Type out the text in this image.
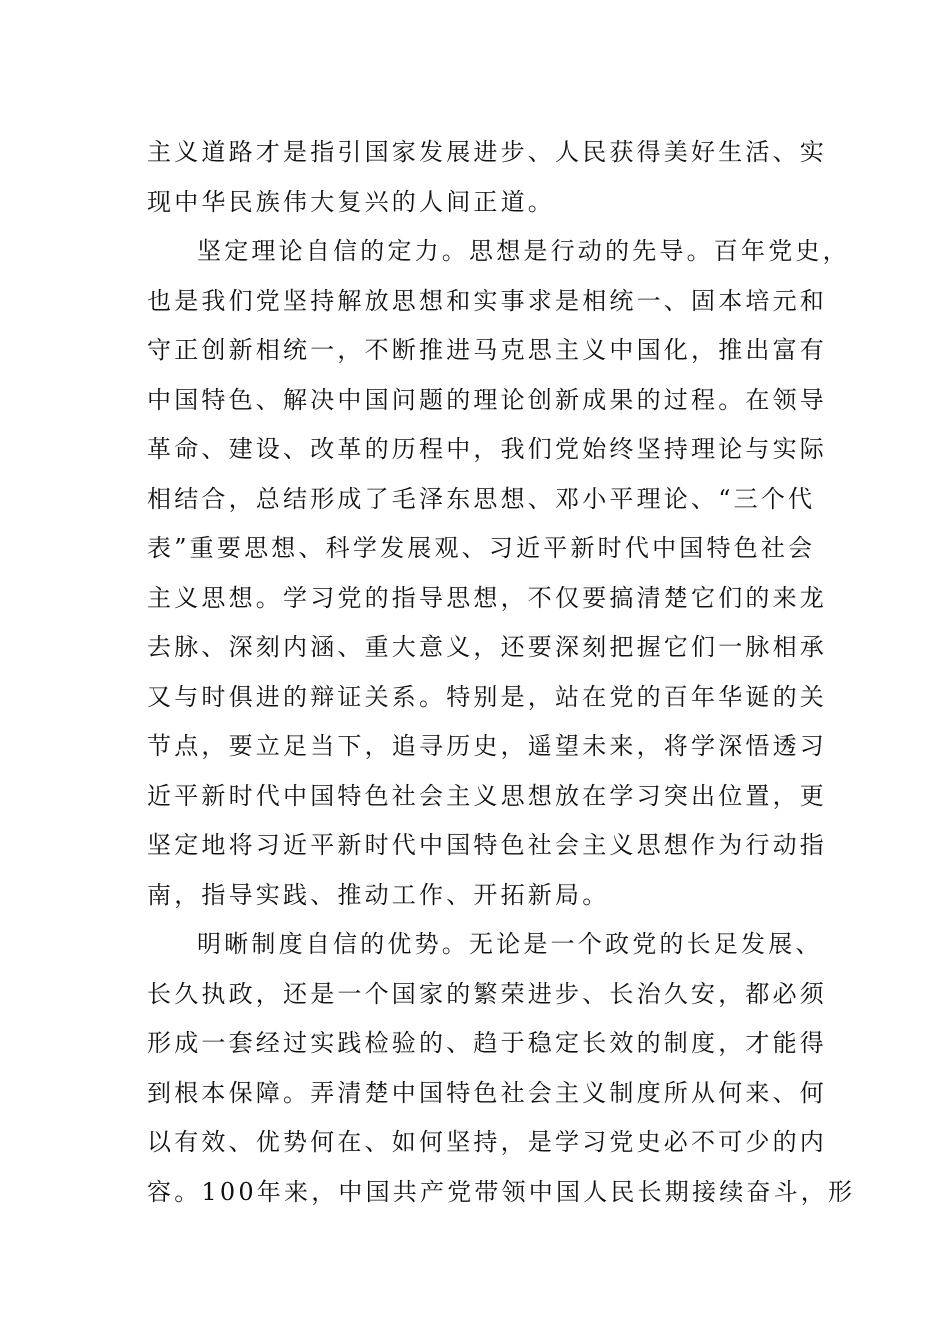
主义道路才是指引国家发展进步、人民获得美好生活、实
现中华民族伟大复兴的人间正道。
坚定理论自信的定力。思想是行动的先导。百年党史，
也是我们党坚持解放思想和实事求是相统一、固本培元和
守正创新相统一，不断推进马克思主义中国化，推出富有
中国特色、解决中国问题的理论创新成果的过程。在领导
革命、建设、改革的历程中，我们党始终坚持理论与实际
相结合，总结形成了毛泽东思想、邓小平理论、“三个代
表”重要思想、科学发展观、习近平新时代中国特色社会
主义思想。学习党的指导思想，不仅要搞清楚它们的来龙
去脉、深刻内涵、重大意义，还要深刻把握它们一脉相承
又与时俱进的辩证关系。特别是，站在党的百年华诞的关
节点，要立足当下，追寻历史，遥望未来，将学深悟透习
近平新时代中国特色社会主义思想放在学习突出位置，更
坚定地将习近平新时代中国特色社会主义思想作为行动指
南，指导实践、推动工作、开拓新局。
明晰制度自信的优势。无论是一个政党的长足发展、
长久执政，还是一个国家的繁荣进步、长治久安，都必须
形成一套经过实践检验的、趋于稳定长效的制度，才能得
到根本保障。弄清楚中国特色社会主义制度所从何来、何
以有效、优势何在、如何坚持，是学习党史必不可少的内
容。100年来，中国共产党带领中国人民长期接续奋斗，形
